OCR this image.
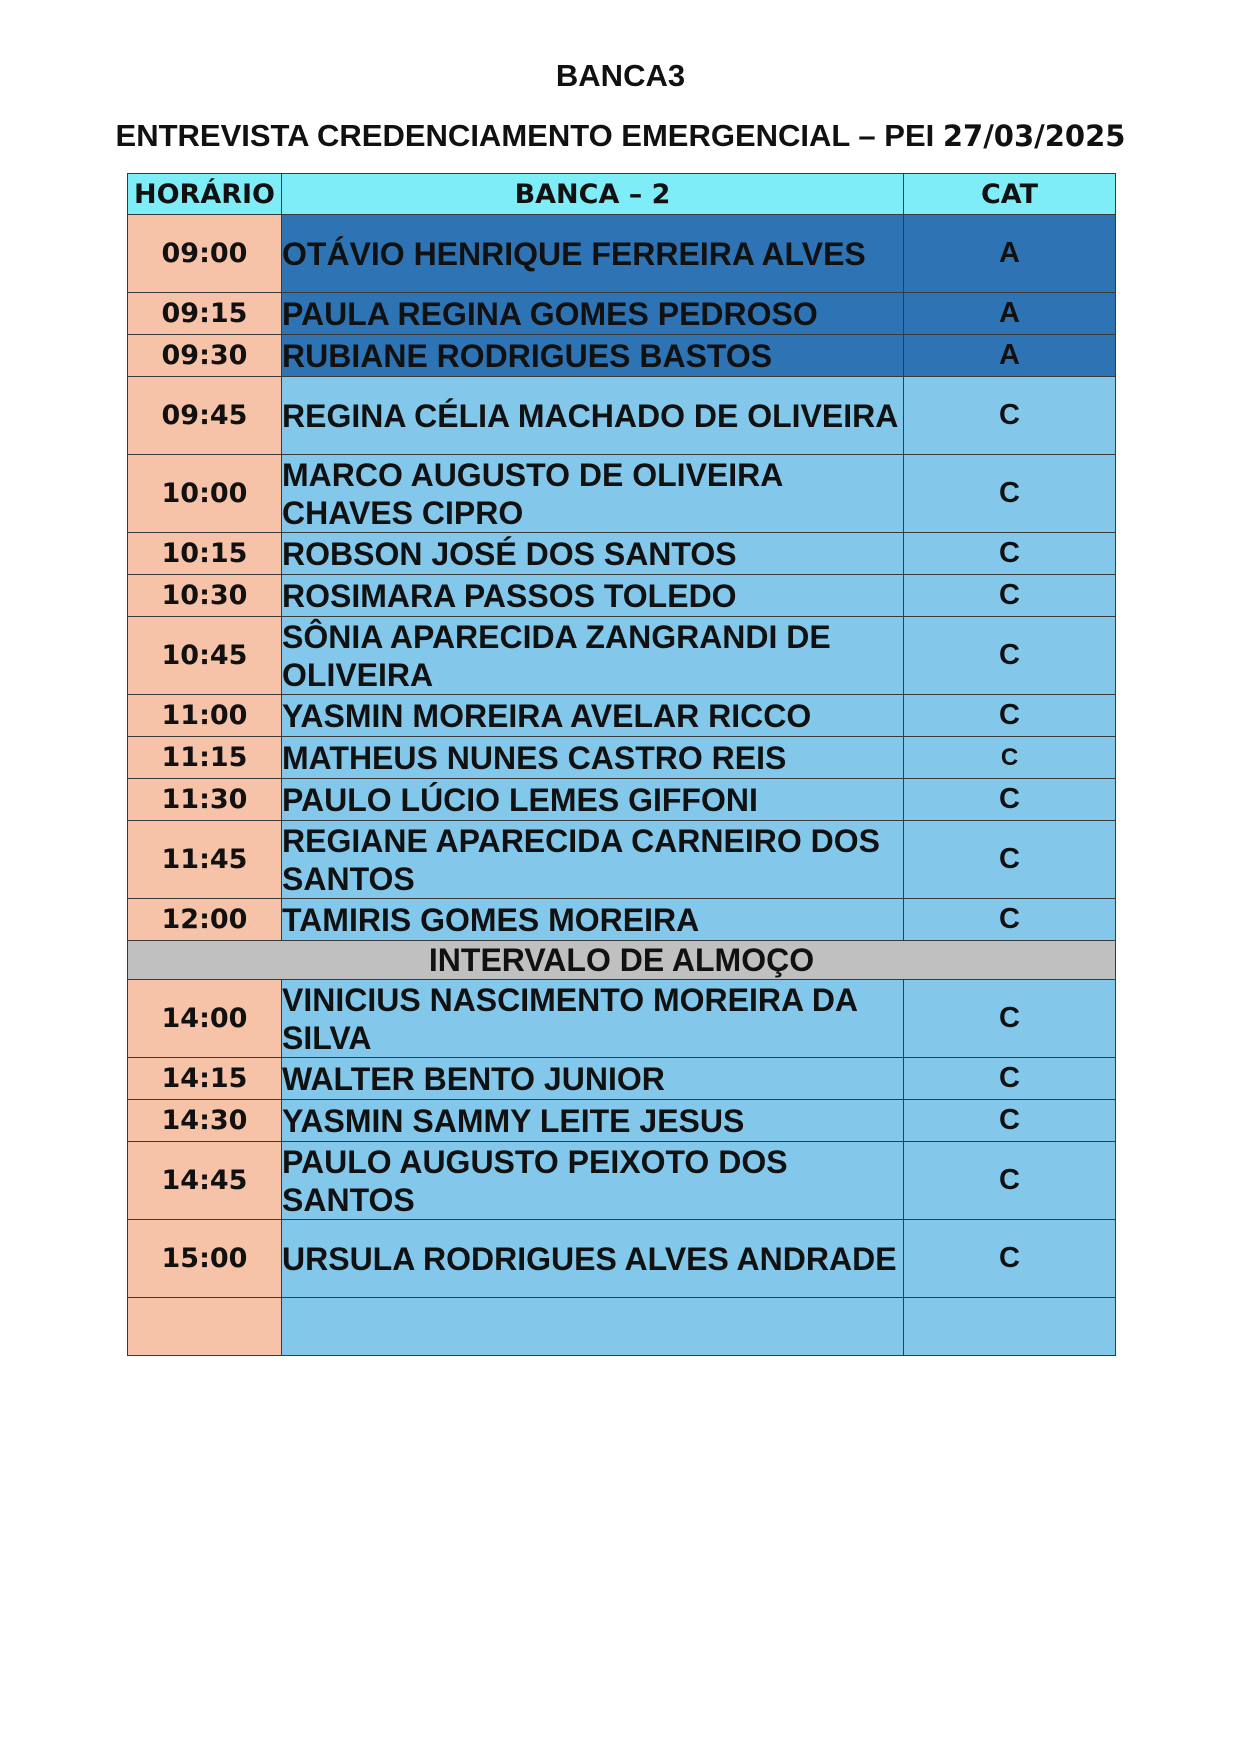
BANCA3
ENTREVISTA CREDENCIAMENTO EMERGENCIAL – PEI 27/03/2025
HORÁRIO	BANCA – 2	CAT
09:00	OTÁVIO HENRIQUE FERREIRA ALVES	A
09:15	PAULA REGINA GOMES PEDROSO	A
09:30	RUBIANE RODRIGUES BASTOS	A
09:45	REGINA CÉLIA MACHADO DE OLIVEIRA	C
10:00	MARCO AUGUSTO DE OLIVEIRA CHAVES CIPRO	C
10:15	ROBSON JOSÉ DOS SANTOS	C
10:30	ROSIMARA PASSOS TOLEDO	C
10:45	SÔNIA APARECIDA ZANGRANDI DE OLIVEIRA	C
11:00	YASMIN MOREIRA AVELAR RICCO	C
11:15	MATHEUS NUNES CASTRO REIS	C
11:30	PAULO LÚCIO LEMES GIFFONI	C
11:45	REGIANE APARECIDA CARNEIRO DOS SANTOS	C
12:00	TAMIRIS GOMES MOREIRA	C
INTERVALO DE ALMOÇO		
14:00	VINICIUS NASCIMENTO MOREIRA DA SILVA	C
14:15	WALTER BENTO JUNIOR	C
14:30	YASMIN SAMMY LEITE JESUS	C
14:45	PAULO AUGUSTO PEIXOTO DOS SANTOS	C
15:00	URSULA RODRIGUES ALVES ANDRADE	C
